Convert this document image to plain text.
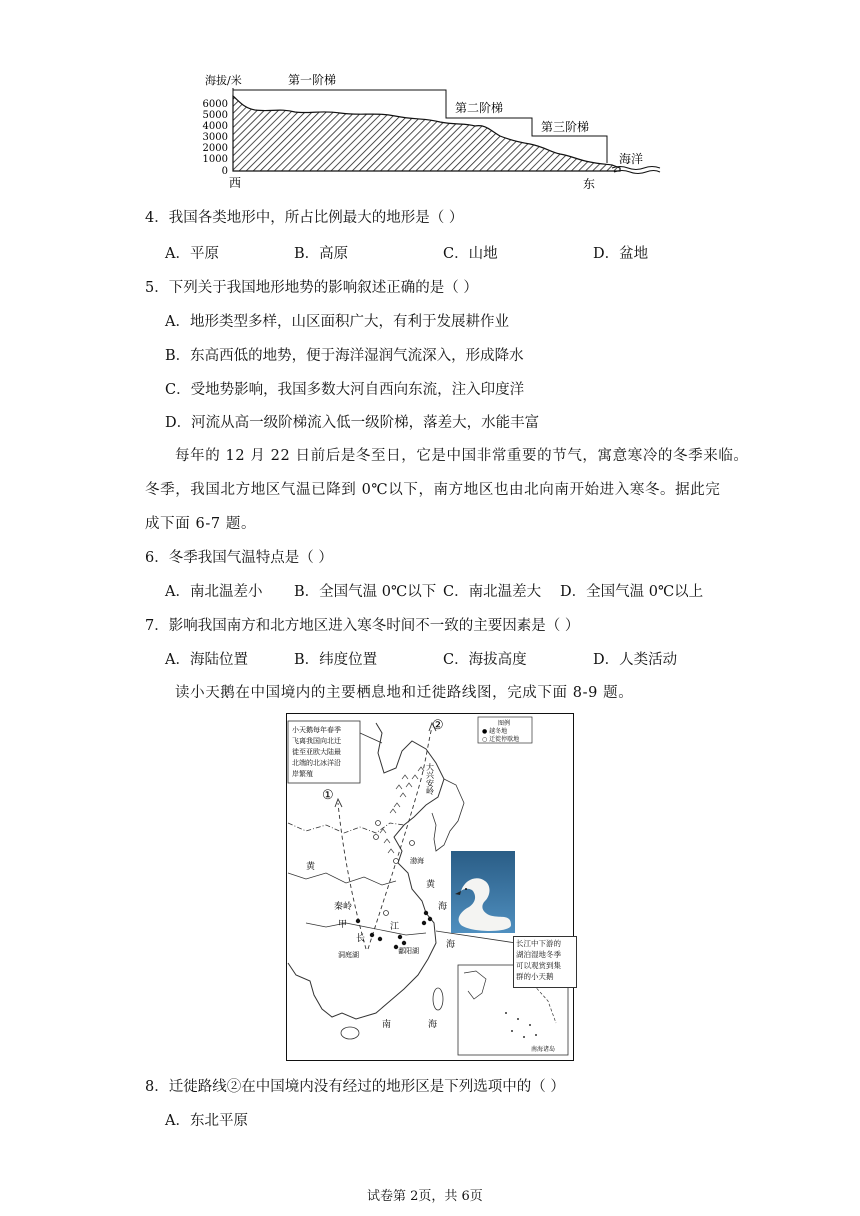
海拔/米
6000
5000
4000
3000
2000
1000
0
第一阶梯
第二阶梯
第三阶梯
海洋
西	东
4．我国各类地形中，所占比例最大的地形是（ ）
A．平原	B．高原	C．山地	D．盆地
5．下列关于我国地形地势的影响叙述正确的是（ ）
A．地形类型多样，山区面积广大，有利于发展耕作业
B．东高西低的地势，便于海洋湿润气流深入，形成降水
C．受地势影响，我国多数大河自西向东流，注入印度洋
D．河流从高一级阶梯流入低一级阶梯，落差大，水能丰富
每年的 12 月 22 日前后是冬至日，它是中国非常重要的节气，寓意寒冷的冬季来临。
冬季，我国北方地区气温已降到 0℃以下，南方地区也由北向南开始进入寒冬。据此完
成下面 6-7 题。
6．冬季我国气温特点是（ ）
A．南北温差小 B．全国气温 0℃以下 C．南北温差大 D．全国气温 0℃以上
7．影响我国南方和北方地区进入寒冬时间不一致的主要因素是（ ）
A．海陆位置	B．纬度位置	C．海拔高度	D．人类活动
读小天鹅在中国境内的主要栖息地和迁徙路线图，完成下面 8-9 题。
南海诸岛
大兴安岭
①
②
小天鹅每年春季
飞离我国向北迁
徙至亚欧大陆最
北端的北冰洋沿
岸繁殖
图例
● 越冬地
○ 迁徙停歇地
黄
渤海
黄
海
秦岭
甲
长
江
洞庭湖	鄱阳湖
海
南	海
长江中下游的
湖泊湿地冬季
可以观赏到集
群的小天鹅
8．迁徙路线②在中国境内没有经过的地形区是下列选项中的（ ）
A．东北平原
试卷第 2页，共 6页
